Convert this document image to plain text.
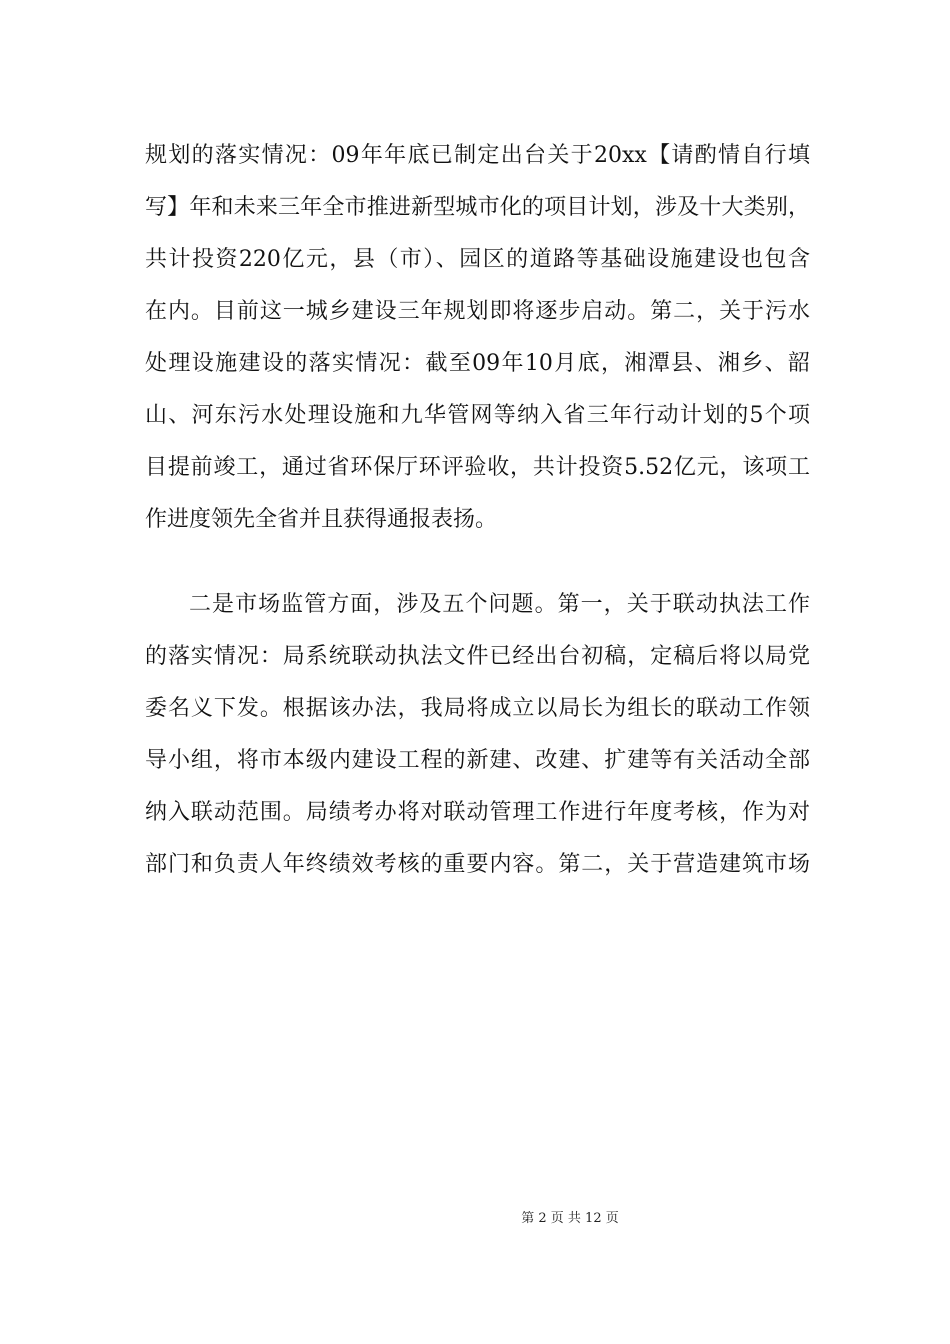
规划的落实情况：09年年底已制定出台关于20xx【请酌情自行填
写】年和未来三年全市推进新型城市化的项目计划，涉及十大类别，
共计投资220亿元，县（市）、园区的道路等基础设施建设也包含
在内。目前这一城乡建设三年规划即将逐步启动。第二，关于污水
处理设施建设的落实情况：截至09年10月底，湘潭县、湘乡、韶
山、河东污水处理设施和九华管网等纳入省三年行动计划的5个项
目提前竣工，通过省环保厅环评验收，共计投资5.52亿元，该项工
作进度领先全省并且获得通报表扬。
二是市场监管方面，涉及五个问题。第一，关于联动执法工作
的落实情况：局系统联动执法文件已经出台初稿，定稿后将以局党
委名义下发。根据该办法，我局将成立以局长为组长的联动工作领
导小组，将市本级内建设工程的新建、改建、扩建等有关活动全部
纳入联动范围。局绩考办将对联动管理工作进行年度考核，作为对
部门和负责人年终绩效考核的重要内容。第二，关于营造建筑市场
第 2 页 共 12 页
